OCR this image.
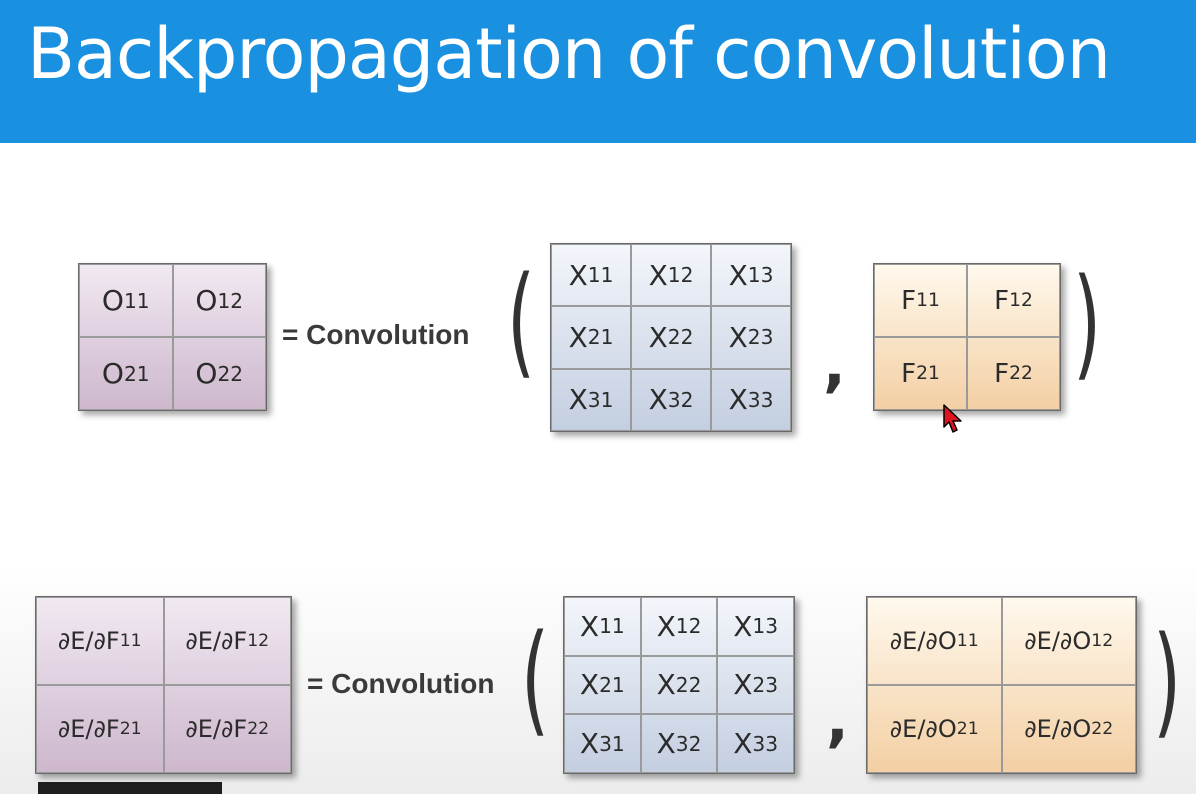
Backpropagation of convolution
O 11 O 12
O 21 O 22
= Convolution ( X 11 X 12 X 13
X 21 X 22 X 23
X 31 X 32 X 33 ,
F 11 F 12
F 21 F 22 )
∂E/∂F 11 ∂E/∂F 12
∂E/∂F 21 ∂E/∂F 22
= Convolution ( X 11 X 12 X 13
X 21 X 22 X 23
X 31 X 32 X 33 ,
∂E/∂O 11 ∂E/∂O 12
∂E/∂O 21 ∂E/∂O 22 )
